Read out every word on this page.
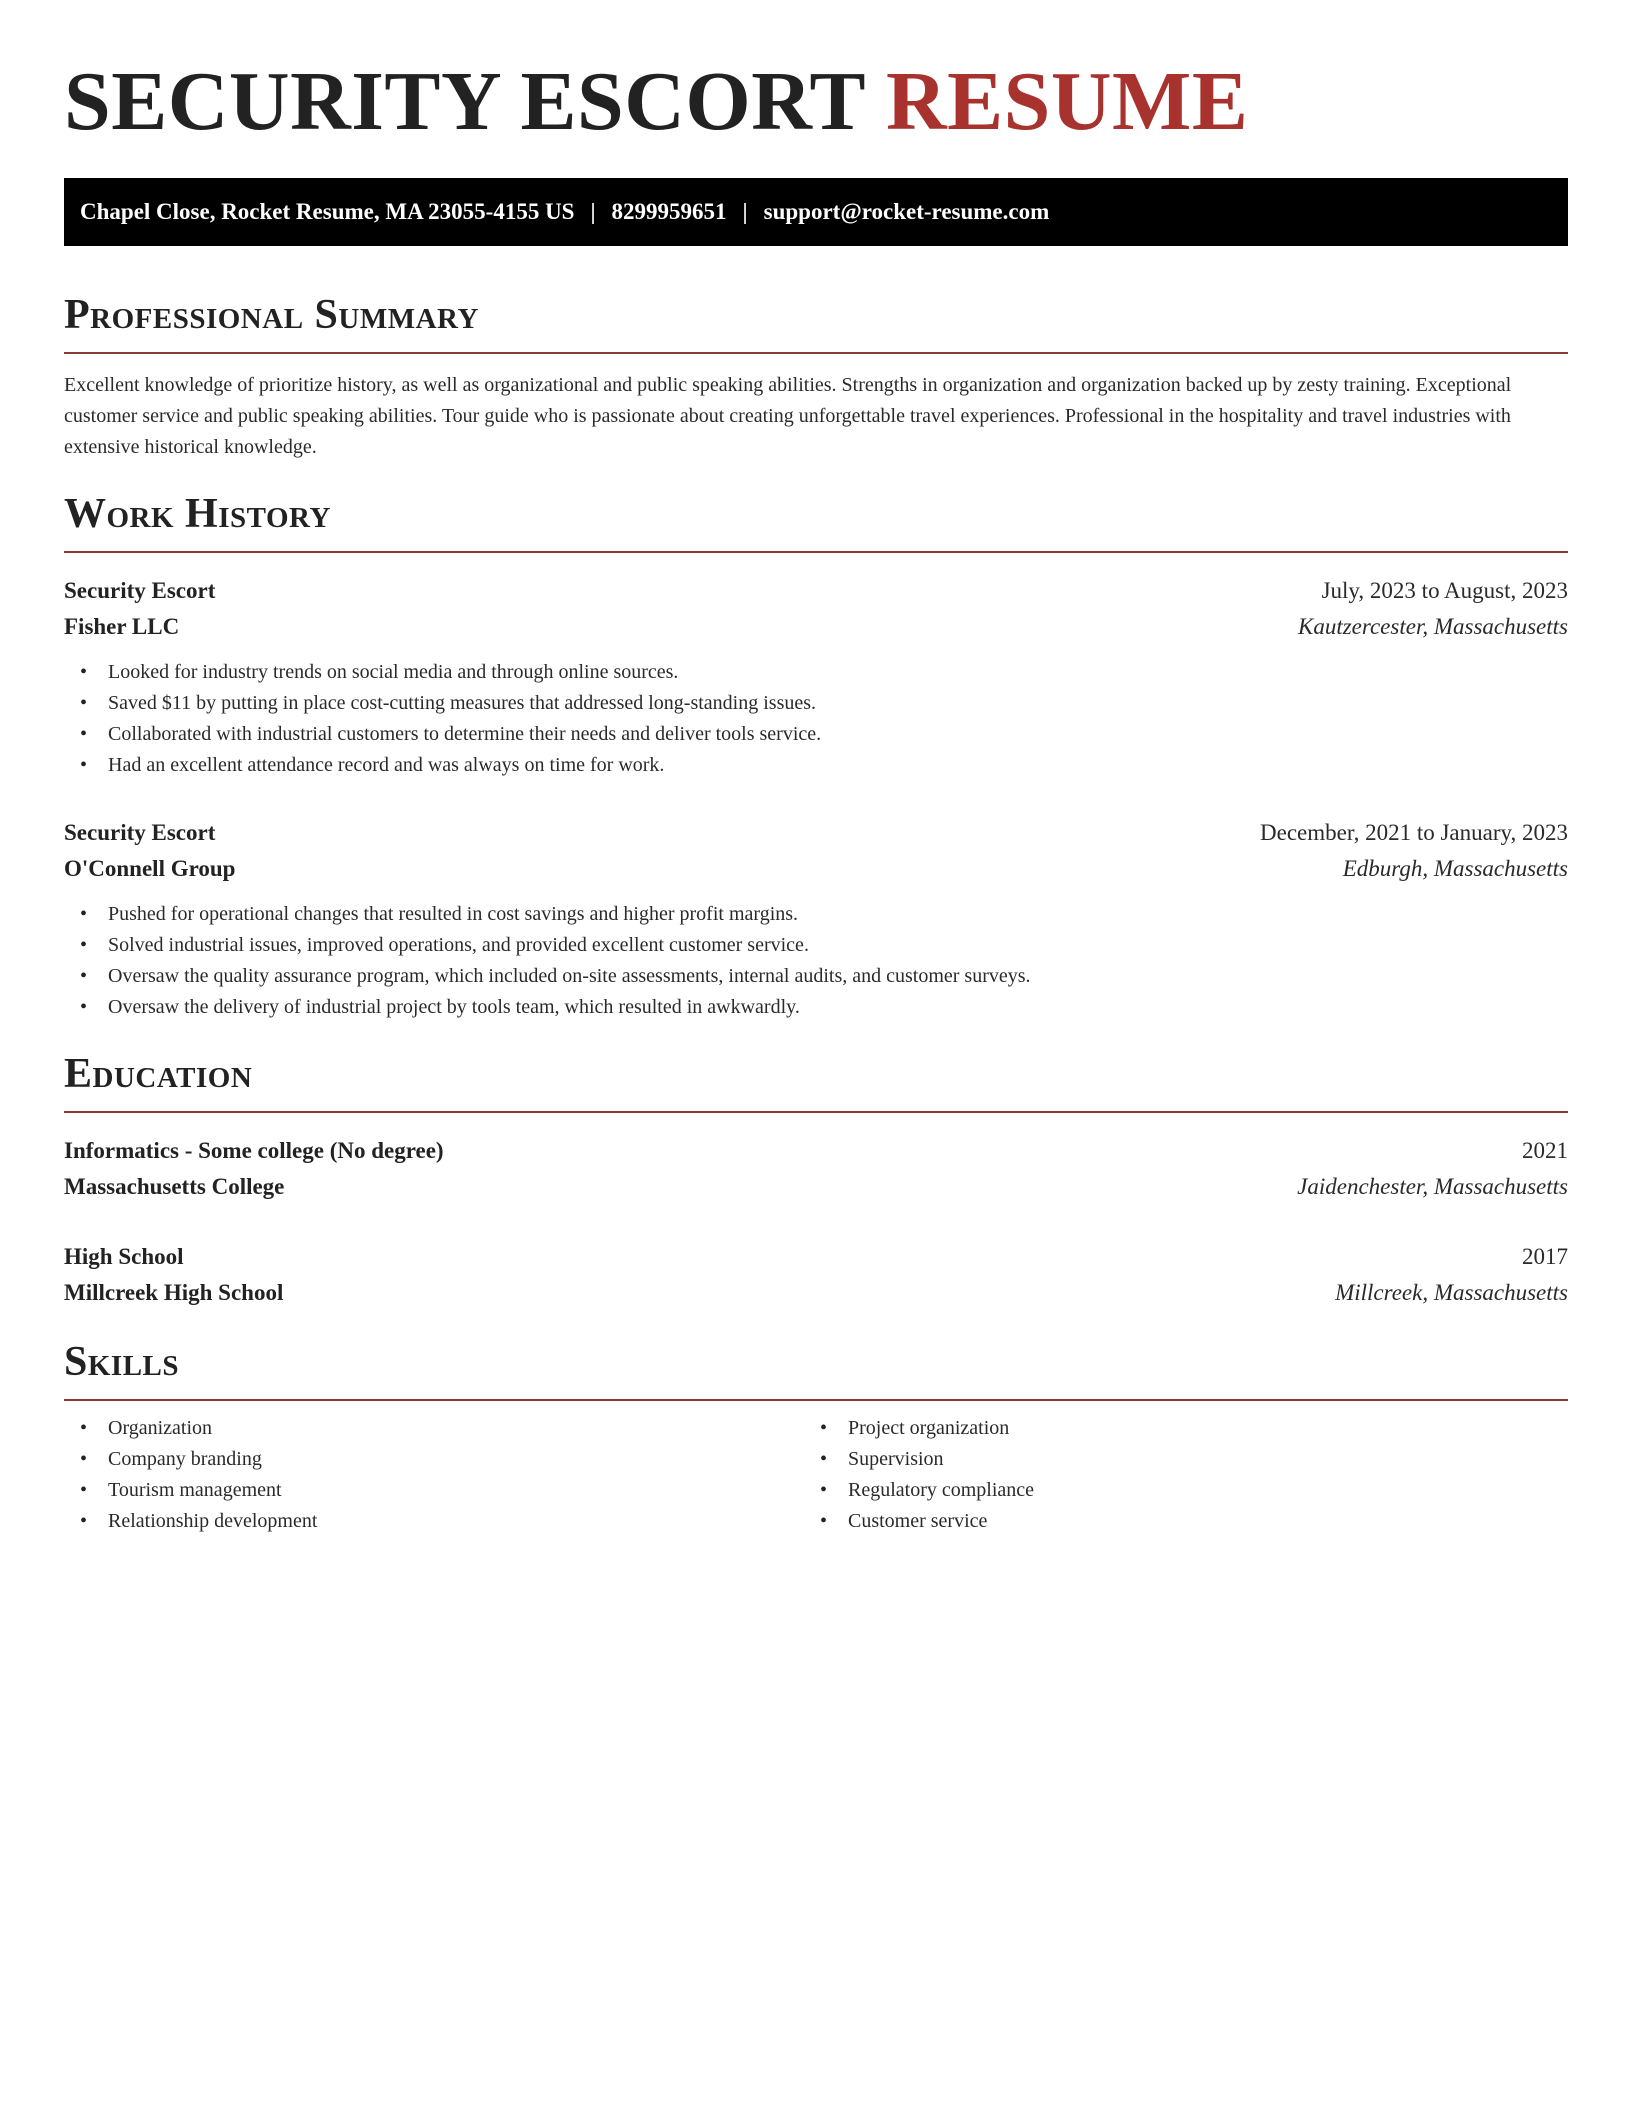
SECURITY ESCORT RESUME
Chapel Close, Rocket Resume, MA 23055-4155 US | 8299959651 | support@rocket-resume.com
Professional Summary

Excellent knowledge of prioritize history, as well as organizational and public speaking abilities. Strengths in organization and organization backed up by zesty training. Exceptional customer service and public speaking abilities. Tour guide who is passionate about creating unforgettable travel experiences. Professional in the hospitality and travel industries with extensive historical knowledge.

Work History
Security Escort	July, 2023 to August, 2023
Fisher LLC	Kautzercester, Massachusetts
• Looked for industry trends on social media and through online sources.
• Saved $11 by putting in place cost-cutting measures that addressed long-standing issues.
• Collaborated with industrial customers to determine their needs and deliver tools service.
• Had an excellent attendance record and was always on time for work.
Security Escort	December, 2021 to January, 2023
O'Connell Group	Edburgh, Massachusetts
• Pushed for operational changes that resulted in cost savings and higher profit margins.
• Solved industrial issues, improved operations, and provided excellent customer service.
• Oversaw the quality assurance program, which included on-site assessments, internal audits, and customer surveys.
• Oversaw the delivery of industrial project by tools team, which resulted in awkwardly.
Education
Informatics - Some college (No degree)	2021
Massachusetts College	Jaidenchester, Massachusetts
High School	2017
Millcreek High School	Millcreek, Massachusetts
Skills
• Organization
• Company branding
• Tourism management
• Relationship development
• Project organization
• Supervision
• Regulatory compliance
• Customer service
